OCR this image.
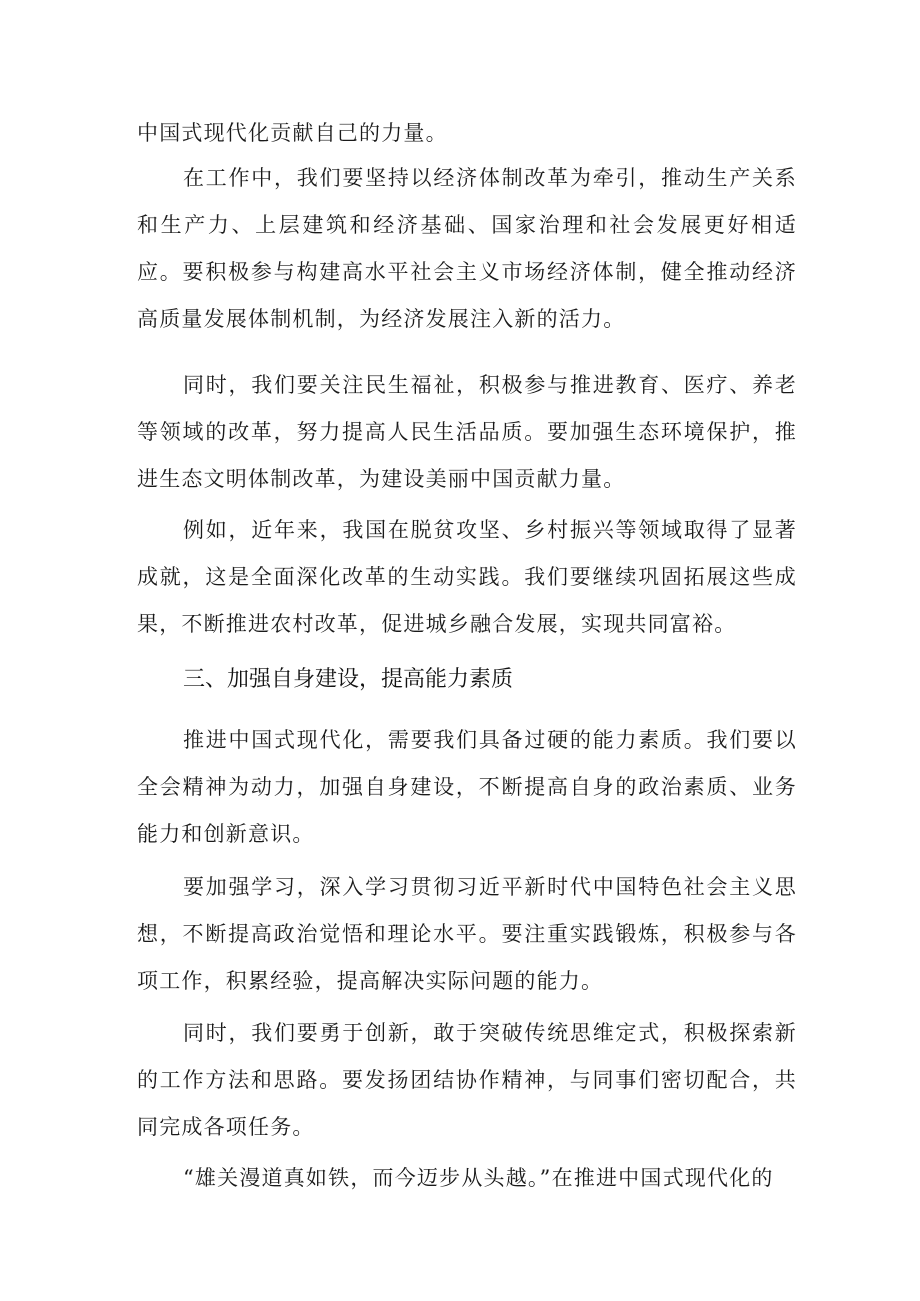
中国式现代化贡献自己的力量。

在工作中，我们要坚持以经济体制改革为牵引，推动生产关系和生产力、上层建筑和经济基础、国家治理和社会发展更好相适应。要积极参与构建高水平社会主义市场经济体制，健全推动经济高质量发展体制机制，为经济发展注入新的活力。

同时，我们要关注民生福祉，积极参与推进教育、医疗、养老等领域的改革，努力提高人民生活品质。要加强生态环境保护，推进生态文明体制改革，为建设美丽中国贡献力量。

例如，近年来，我国在脱贫攻坚、乡村振兴等领域取得了显著成就，这是全面深化改革的生动实践。我们要继续巩固拓展这些成果，不断推进农村改革，促进城乡融合发展，实现共同富裕。

三、加强自身建设，提高能力素质

推进中国式现代化，需要我们具备过硬的能力素质。我们要以全会精神为动力，加强自身建设，不断提高自身的政治素质、业务能力和创新意识。

要加强学习，深入学习贯彻习近平新时代中国特色社会主义思想，不断提高政治觉悟和理论水平。要注重实践锻炼，积极参与各项工作，积累经验，提高解决实际问题的能力。

同时，我们要勇于创新，敢于突破传统思维定式，积极探索新的工作方法和思路。要发扬团结协作精神，与同事们密切配合，共同完成各项任务。

“雄关漫道真如铁，而今迈步从头越。”在推进中国式现代化的
